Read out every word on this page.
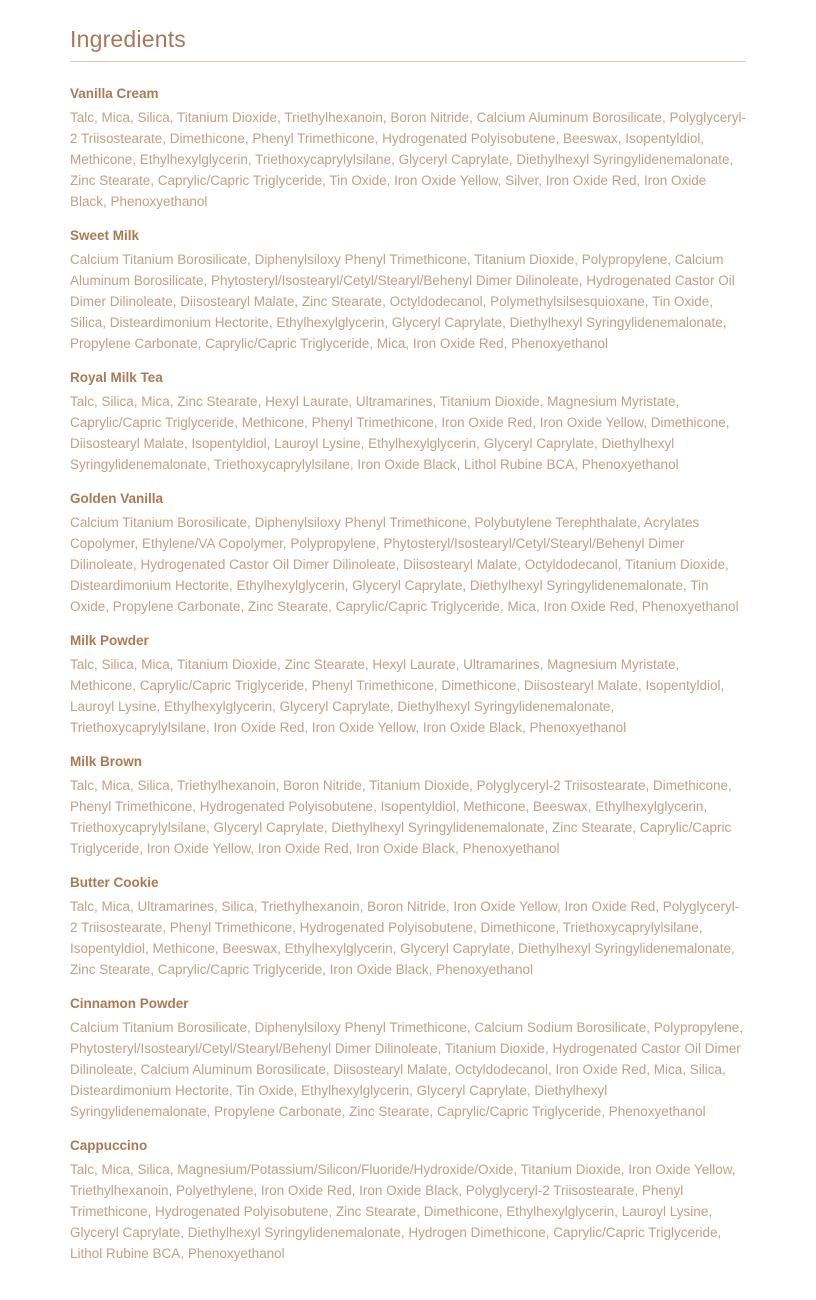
Ingredients
Vanilla Cream

Talc, Mica, Silica, Titanium Dioxide, Triethylhexanoin, Boron Nitride, Calcium Aluminum Borosilicate, Polyglyceryl-2 Triisostearate, Dimethicone, Phenyl Trimethicone, Hydrogenated Polyisobutene, Beeswax, Isopentyldiol, Methicone, Ethylhexylglycerin, Triethoxycaprylylsilane, Glyceryl Caprylate, Diethylhexyl Syringylidenemalonate, Zinc Stearate, Caprylic/Capric Triglyceride, Tin Oxide, Iron Oxide Yellow, Silver, Iron Oxide Red, Iron Oxide Black, Phenoxyethanol

Sweet Milk

Calcium Titanium Borosilicate, Diphenylsiloxy Phenyl Trimethicone, Titanium Dioxide, Polypropylene, Calcium Aluminum Borosilicate, Phytosteryl/Isostearyl/Cetyl/Stearyl/Behenyl Dimer Dilinoleate, Hydrogenated Castor Oil Dimer Dilinoleate, Diisostearyl Malate, Zinc Stearate, Octyldodecanol, Polymethylsilsesquioxane, Tin Oxide, Silica, Disteardimonium Hectorite, Ethylhexylglycerin, Glyceryl Caprylate, Diethylhexyl Syringylidenemalonate, Propylene Carbonate, Caprylic/Capric Triglyceride, Mica, Iron Oxide Red, Phenoxyethanol

Royal Milk Tea

Talc, Silica, Mica, Zinc Stearate, Hexyl Laurate, Ultramarines, Titanium Dioxide, Magnesium Myristate, Caprylic/Capric Triglyceride, Methicone, Phenyl Trimethicone, Iron Oxide Red, Iron Oxide Yellow, Dimethicone, Diisostearyl Malate, Isopentyldiol, Lauroyl Lysine, Ethylhexylglycerin, Glyceryl Caprylate, Diethylhexyl Syringylidenemalonate, Triethoxycaprylylsilane, Iron Oxide Black, Lithol Rubine BCA, Phenoxyethanol

Golden Vanilla

Calcium Titanium Borosilicate, Diphenylsiloxy Phenyl Trimethicone, Polybutylene Terephthalate, Acrylates Copolymer, Ethylene/VA Copolymer, Polypropylene, Phytosteryl/Isostearyl/Cetyl/Stearyl/Behenyl Dimer Dilinoleate, Hydrogenated Castor Oil Dimer Dilinoleate, Diisostearyl Malate, Octyldodecanol, Titanium Dioxide, Disteardimonium Hectorite, Ethylhexylglycerin, Glyceryl Caprylate, Diethylhexyl Syringylidenemalonate, Tin Oxide, Propylene Carbonate, Zinc Stearate, Caprylic/Capric Triglyceride, Mica, Iron Oxide Red, Phenoxyethanol

Milk Powder

Talc, Silica, Mica, Titanium Dioxide, Zinc Stearate, Hexyl Laurate, Ultramarines, Magnesium Myristate, Methicone, Caprylic/Capric Triglyceride, Phenyl Trimethicone, Dimethicone, Diisostearyl Malate, Isopentyldiol, Lauroyl Lysine, Ethylhexylglycerin, Glyceryl Caprylate, Diethylhexyl Syringylidenemalonate, Triethoxycaprylylsilane, Iron Oxide Red, Iron Oxide Yellow, Iron Oxide Black, Phenoxyethanol

Milk Brown

Talc, Mica, Silica, Triethylhexanoin, Boron Nitride, Titanium Dioxide, Polyglyceryl-2 Triisostearate, Dimethicone, Phenyl Trimethicone, Hydrogenated Polyisobutene, Isopentyldiol, Methicone, Beeswax, Ethylhexylglycerin, Triethoxycaprylylsilane, Glyceryl Caprylate, Diethylhexyl Syringylidenemalonate, Zinc Stearate, Caprylic/Capric Triglyceride, Iron Oxide Yellow, Iron Oxide Red, Iron Oxide Black, Phenoxyethanol

Butter Cookie

Talc, Mica, Ultramarines, Silica, Triethylhexanoin, Boron Nitride, Iron Oxide Yellow, Iron Oxide Red, Polyglyceryl-2 Triisostearate, Phenyl Trimethicone, Hydrogenated Polyisobutene, Dimethicone, Triethoxycaprylylsilane, Isopentyldiol, Methicone, Beeswax, Ethylhexylglycerin, Glyceryl Caprylate, Diethylhexyl Syringylidenemalonate, Zinc Stearate, Caprylic/Capric Triglyceride, Iron Oxide Black, Phenoxyethanol

Cinnamon Powder

Calcium Titanium Borosilicate, Diphenylsiloxy Phenyl Trimethicone, Calcium Sodium Borosilicate, Polypropylene, Phytosteryl/Isostearyl/Cetyl/Stearyl/Behenyl Dimer Dilinoleate, Titanium Dioxide, Hydrogenated Castor Oil Dimer Dilinoleate, Calcium Aluminum Borosilicate, Diisostearyl Malate, Octyldodecanol, Iron Oxide Red, Mica, Silica, Disteardimonium Hectorite, Tin Oxide, Ethylhexylglycerin, Glyceryl Caprylate, Diethylhexyl Syringylidenemalonate, Propylene Carbonate, Zinc Stearate, Caprylic/Capric Triglyceride, Phenoxyethanol

Cappuccino

Talc, Mica, Silica, Magnesium/Potassium/Silicon/Fluoride/Hydroxide/Oxide, Titanium Dioxide, Iron Oxide Yellow, Triethylhexanoin, Polyethylene, Iron Oxide Red, Iron Oxide Black, Polyglyceryl-2 Triisostearate, Phenyl Trimethicone, Hydrogenated Polyisobutene, Zinc Stearate, Dimethicone, Ethylhexylglycerin, Lauroyl Lysine, Glyceryl Caprylate, Diethylhexyl Syringylidenemalonate, Hydrogen Dimethicone, Caprylic/Capric Triglyceride, Lithol Rubine BCA, Phenoxyethanol
